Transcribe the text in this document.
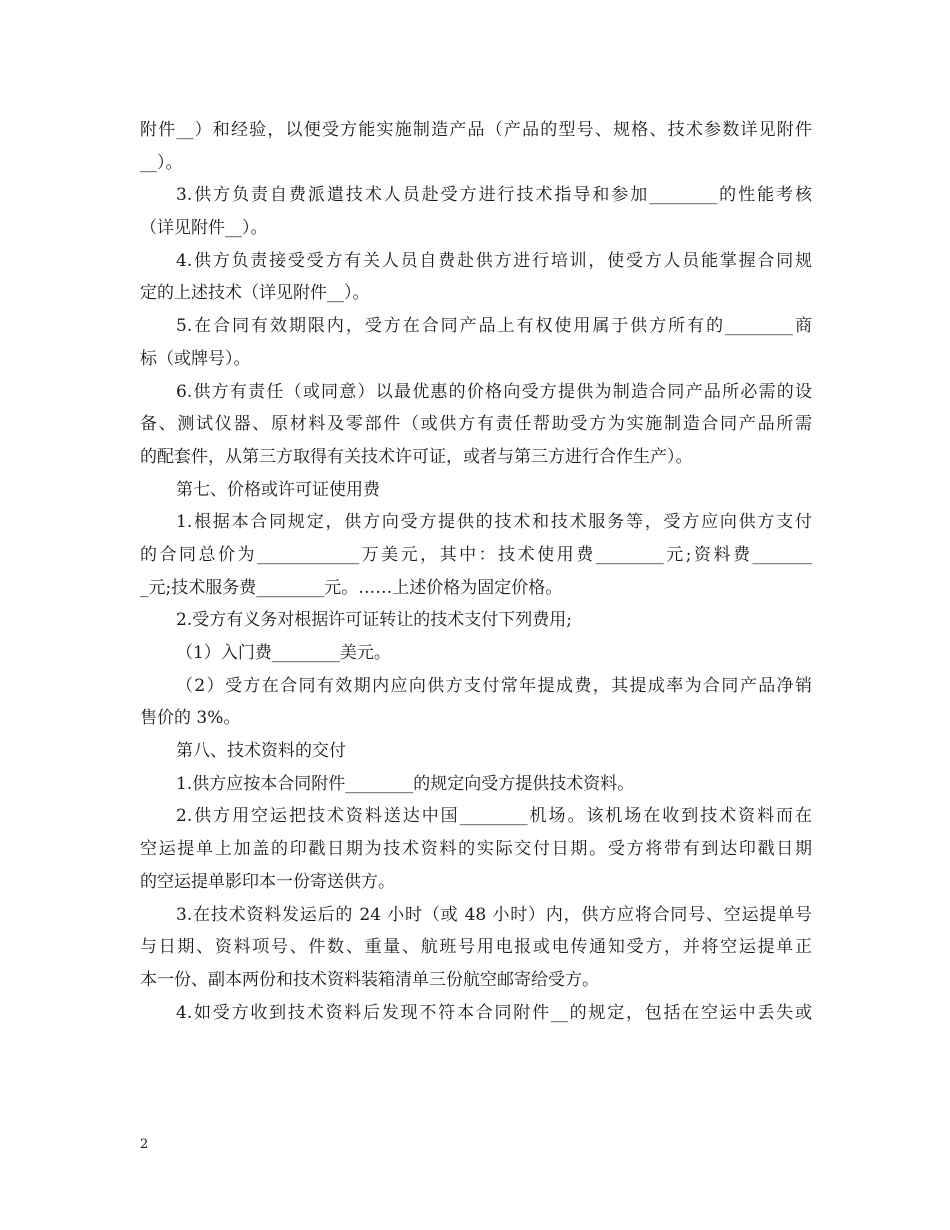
附件__）和经验，以便受方能实施制造产品（产品的型号、规格、技术参数详见附件
__）。
3.供方负责自费派遣技术人员赴受方进行技术指导和参加________的性能考核
（详见附件__）。
4.供方负责接受受方有关人员自费赴供方进行培训，使受方人员能掌握合同规
定的上述技术（详见附件__）。
5.在合同有效期限内，受方在合同产品上有权使用属于供方所有的________商
标（或牌号）。
6.供方有责任（或同意）以最优惠的价格向受方提供为制造合同产品所必需的设
备、测试仪器、原材料及零部件（或供方有责任帮助受方为实施制造合同产品所需
的配套件，从第三方取得有关技术许可证，或者与第三方进行合作生产）。
第七、价格或许可证使用费
1.根据本合同规定，供方向受方提供的技术和技术服务等，受方应向供方支付
的合同总价为____________万美元，其中：技术使用费________元;资料费_______
_元;技术服务费________元。……上述价格为固定价格。
2.受方有义务对根据许可证转让的技术支付下列费用;
（1）入门费________美元。
（2）受方在合同有效期内应向供方支付常年提成费，其提成率为合同产品净销
售价的 3%。
第八、技术资料的交付
1.供方应按本合同附件________的规定向受方提供技术资料。
2.供方用空运把技术资料送达中国________机场。该机场在收到技术资料而在
空运提单上加盖的印戳日期为技术资料的实际交付日期。受方将带有到达印戳日期
的空运提单影印本一份寄送供方。
3.在技术资料发运后的 24 小时（或 48 小时）内，供方应将合同号、空运提单号
与日期、资料项号、件数、重量、航班号用电报或电传通知受方，并将空运提单正
本一份、副本两份和技术资料装箱清单三份航空邮寄给受方。
4.如受方收到技术资料后发现不符本合同附件__的规定，包括在空运中丢失或
2
